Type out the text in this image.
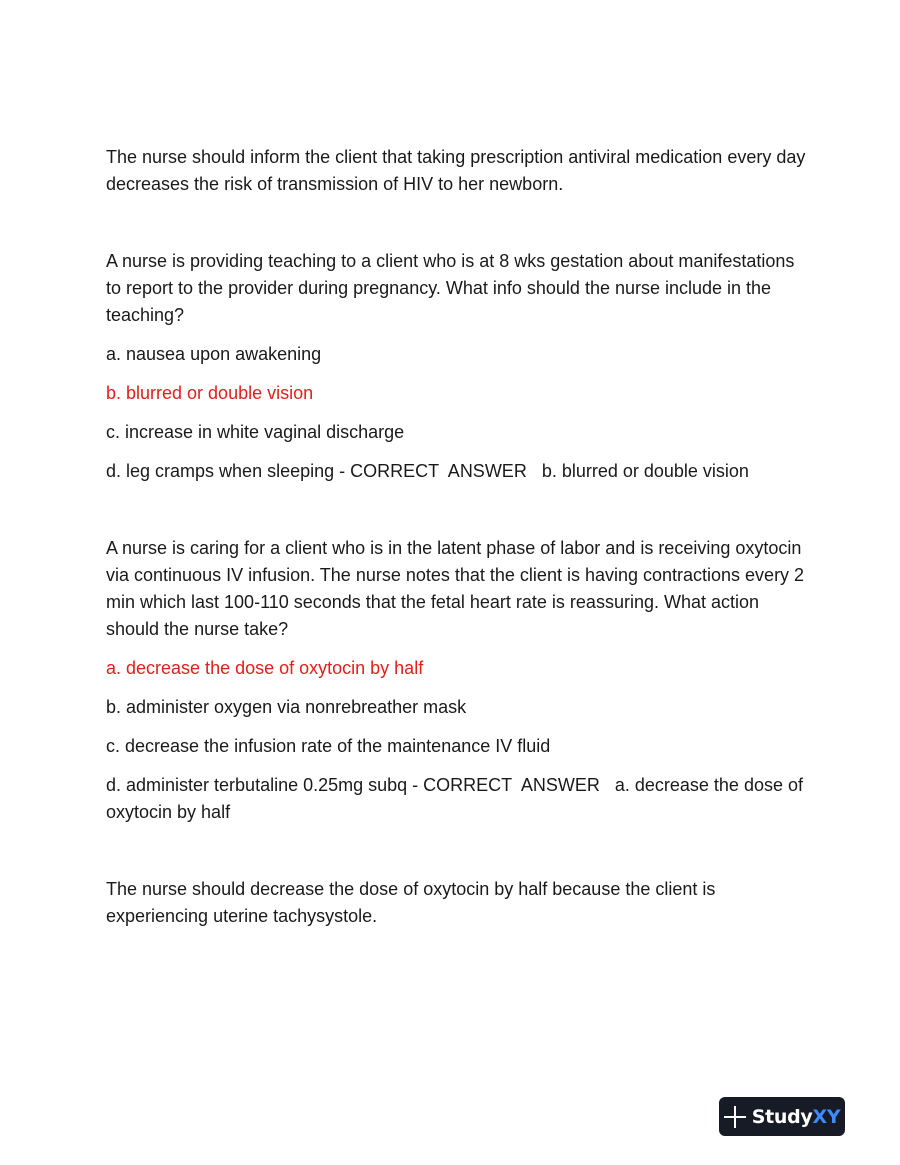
The nurse should inform the client that taking prescription antiviral medication every day decreases the risk of transmission of HIV to her newborn.

A nurse is providing teaching to a client who is at 8 wks gestation about manifestations to report to the provider during pregnancy. What info should the nurse include in the teaching?

a. nausea upon awakening

b. blurred or double vision

c. increase in white vaginal discharge

d. leg cramps when sleeping - CORRECT  ANSWER   b. blurred or double vision

A nurse is caring for a client who is in the latent phase of labor and is receiving oxytocin via continuous IV infusion. The nurse notes that the client is having contractions every 2 min which last 100-110 seconds that the fetal heart rate is reassuring. What action should the nurse take?

a. decrease the dose of oxytocin by half

b. administer oxygen via nonrebreather mask

c. decrease the infusion rate of the maintenance IV fluid

d. administer terbutaline 0.25mg subq - CORRECT  ANSWER   a. decrease the dose of oxytocin by half

The nurse should decrease the dose of oxytocin by half because the client is experiencing uterine tachysystole.

StudyXY
